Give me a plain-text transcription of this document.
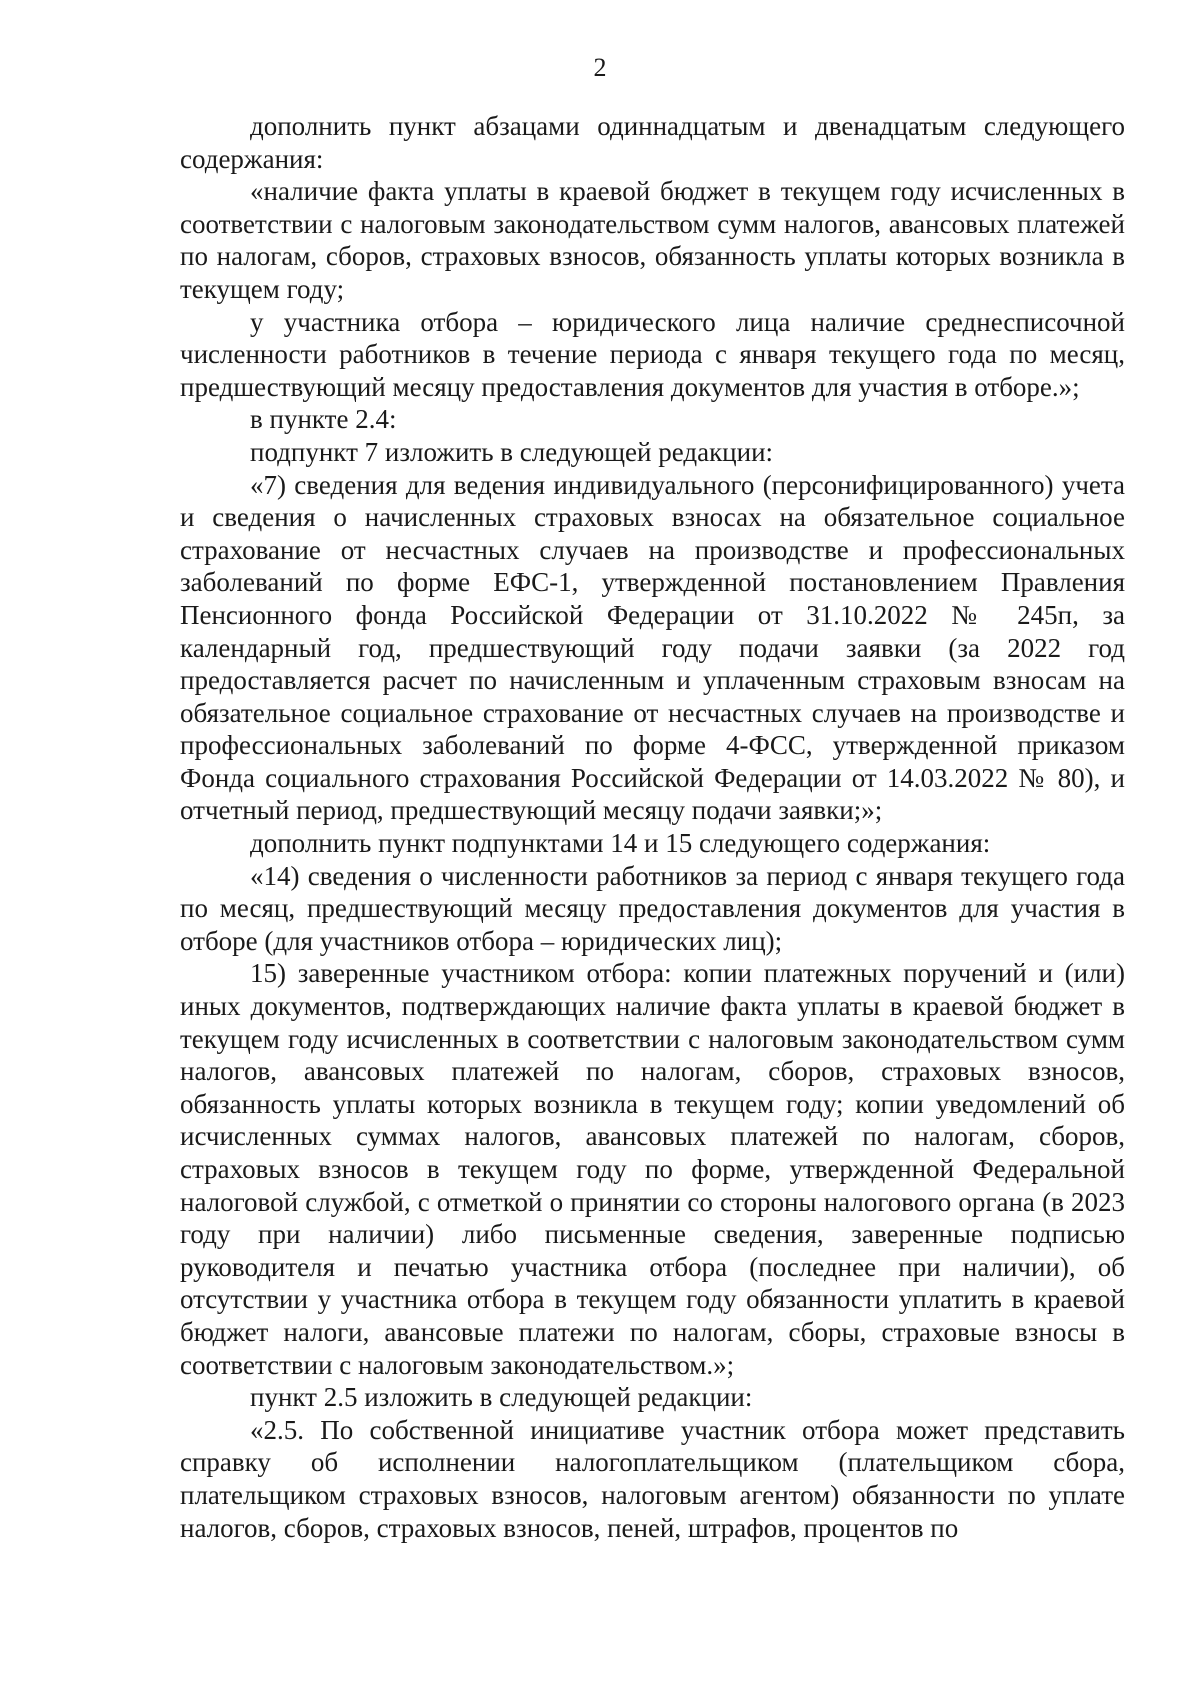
2

дополнить пункт абзацами одиннадцатым и двенадцатым следующего содержания:

«наличие факта уплаты в краевой бюджет в текущем году исчисленных в соответствии с налоговым законодательством сумм налогов, авансовых платежей по налогам, сборов, страховых взносов, обязанность уплаты которых возникла в текущем году;

у участника отбора – юридического лица наличие среднесписочной численности работников в течение периода с января текущего года по месяц, предшествующий месяцу предоставления документов для участия в отборе.»;

в пункте 2.4:

подпункт 7 изложить в следующей редакции:

«7) сведения для ведения индивидуального (персонифицированного) учета и сведения о начисленных страховых взносах на обязательное социальное страхование от несчастных случаев на производстве и профессиональных заболеваний по форме ЕФС-1, утвержденной постановлением Правления Пенсионного фонда Российской Федерации от 31.10.2022 № 245п, за календарный год, предшествующий году подачи заявки (за 2022 год предоставляется расчет по начисленным и уплаченным страховым взносам на обязательное социальное страхование от несчастных случаев на производстве и профессиональных заболеваний по форме 4-ФСС, утвержденной приказом Фонда социального страхования Российской Федерации от 14.03.2022 № 80), и отчетный период, предшествующий месяцу подачи заявки;»;

дополнить пункт подпунктами 14 и 15 следующего содержания:

«14) сведения о численности работников за период с января текущего года по месяц, предшествующий месяцу предоставления документов для участия в отборе (для участников отбора – юридических лиц);

15) заверенные участником отбора: копии платежных поручений и (или) иных документов, подтверждающих наличие факта уплаты в краевой бюджет в текущем году исчисленных в соответствии с налоговым законодательством сумм налогов, авансовых платежей по налогам, сборов, страховых взносов, обязанность уплаты которых возникла в текущем году; копии уведомлений об исчисленных суммах налогов, авансовых платежей по налогам, сборов, страховых взносов в текущем году по форме, утвержденной Федеральной налоговой службой, с отметкой о принятии со стороны налогового органа (в 2023 году при наличии) либо письменные сведения, заверенные подписью руководителя и печатью участника отбора (последнее при наличии), об отсутствии у участника отбора в текущем году обязанности уплатить в краевой бюджет налоги, авансовые платежи по налогам, сборы, страховые взносы в соответствии с налоговым законодательством.»;

пункт 2.5 изложить в следующей редакции:

«2.5. По собственной инициативе участник отбора может представить справку об исполнении налогоплательщиком (плательщиком сбора, плательщиком страховых взносов, налоговым агентом) обязанности по уплате налогов, сборов, страховых взносов, пеней, штрафов, процентов по
